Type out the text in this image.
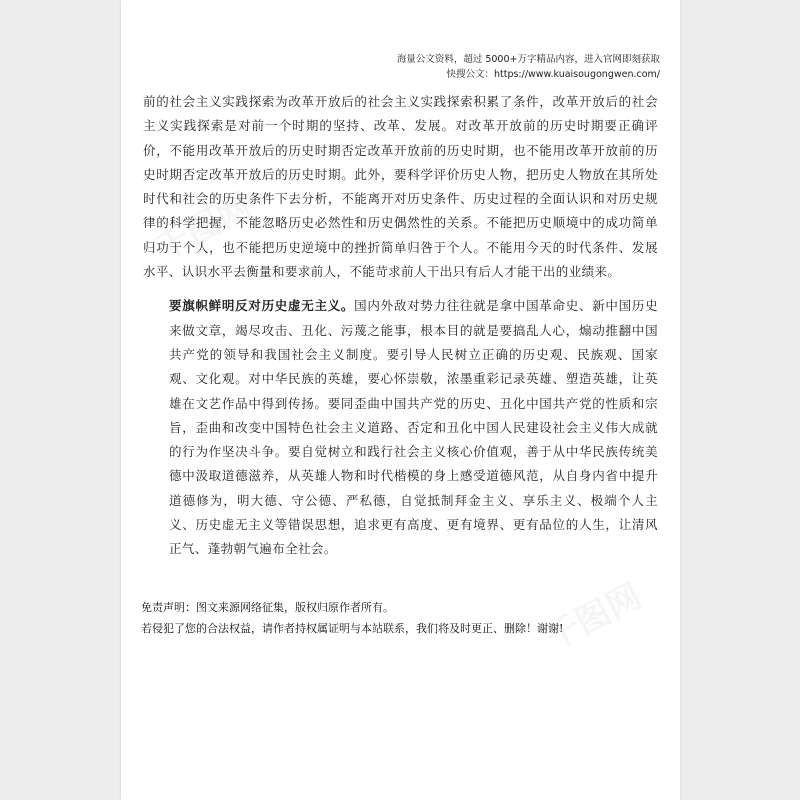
千图网
千图网
海量公文资料，超过 5000+万字精品内容，进入官网即刻获取
快搜公文：https://www.kuaisougongwen.com/

前的社会主义实践探索为改革开放后的社会主义实践探索积累了条件，改革开放后的社会主义实践探索是对前一个时期的坚持、改革、发展。对改革开放前的历史时期要正确评价，不能用改革开放后的历史时期否定改革开放前的历史时期，也不能用改革开放前的历史时期否定改革开放后的历史时期。此外，要科学评价历史人物，把历史人物放在其所处时代和社会的历史条件下去分析，不能离开对历史条件、历史过程的全面认识和对历史规律的科学把握，不能忽略历史必然性和历史偶然性的关系。不能把历史顺境中的成功简单归功于个人，也不能把历史逆境中的挫折简单归咎于个人。不能用今天的时代条件、发展水平、认识水平去衡量和要求前人，不能苛求前人干出只有后人才能干出的业绩来。

要旗帜鲜明反对历史虚无主义。国内外敌对势力往往就是拿中国革命史、新中国历史来做文章，竭尽攻击、丑化、污蔑之能事，根本目的就是要搞乱人心，煽动推翻中国共产党的领导和我国社会主义制度。要引导人民树立正确的历史观、民族观、国家观、文化观。对中华民族的英雄，要心怀崇敬，浓墨重彩记录英雄、塑造英雄，让英雄在文艺作品中得到传扬。要同歪曲中国共产党的历史、丑化中国共产党的性质和宗旨，歪曲和改变中国特色社会主义道路、否定和丑化中国人民建设社会主义伟大成就的行为作坚决斗争。要自觉树立和践行社会主义核心价值观，善于从中华民族传统美德中汲取道德滋养，从英雄人物和时代楷模的身上感受道德风范，从自身内省中提升道德修为，明大德、守公德、严私德，自觉抵制拜金主义、享乐主义、极端个人主义、历史虚无主义等错误思想，追求更有高度、更有境界、更有品位的人生，让清风正气、蓬勃朝气遍布全社会。

免责声明：图文来源网络征集，版权归原作者所有。
若侵犯了您的合法权益，请作者持权属证明与本站联系，我们将及时更正、删除！谢谢!
